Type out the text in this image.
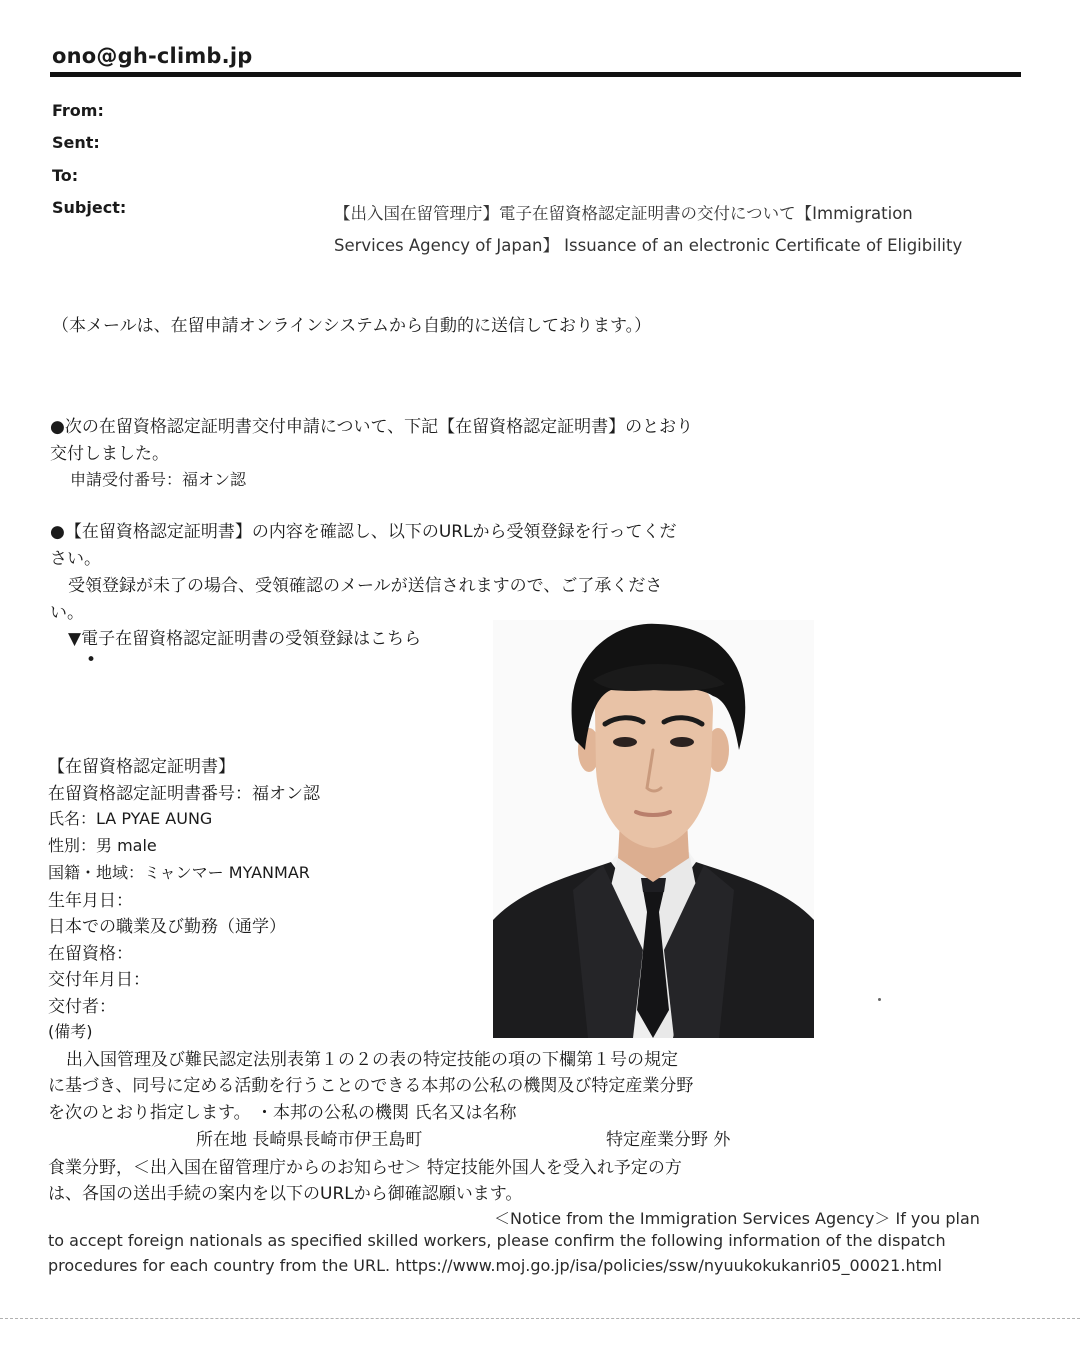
ono@gh-climb.jp
From:
Sent:
To:
Subject:	【出入国在留管理庁】電子在留資格認定証明書の交付について【Immigration
Services Agency of Japan】 Issuance of an electronic Certificate of Eligibility
（本メールは、在留申請オンラインシステムから自動的に送信しております。）
●次の在留資格認定証明書交付申請について、下記【在留資格認定証明書】のとおり
交付しました。
申請受付番号：福オン認
●【在留資格認定証明書】の内容を確認し、以下のURLから受領登録を行ってくだ
さい。
受領登録が未了の場合、受領確認のメールが送信されますので、ご了承くださ
い。
▼電子在留資格認定証明書の受領登録はこちら
•
【在留資格認定証明書】
在留資格認定証明書番号：福オン認
氏名：LA PYAE AUNG
性別：男 male
国籍・地域：ミャンマー MYANMAR
生年月日：
日本での職業及び勤務（通学）
在留資格：
交付年月日：
交付者：
(備考)
出入国管理及び難民認定法別表第１の２の表の特定技能の項の下欄第１号の規定
に基づき、同号に定める活動を行うことのできる本邦の公私の機関及び特定産業分野
を次のとおり指定します。 ・本邦の公私の機関 氏名又は名称
所在地 長崎県長崎市伊王島町	特定産業分野 外
食業分野，＜出入国在留管理庁からのお知らせ＞ 特定技能外国人を受入れ予定の方
は、各国の送出手続の案内を以下のURLから御確認願います。
＜Notice from the Immigration Services Agency＞ If you plan
to accept foreign nationals as specified skilled workers, please confirm the following information of the dispatch
procedures for each country from the URL. https://www.moj.go.jp/isa/policies/ssw/nyuukokukanri05_00021.html
